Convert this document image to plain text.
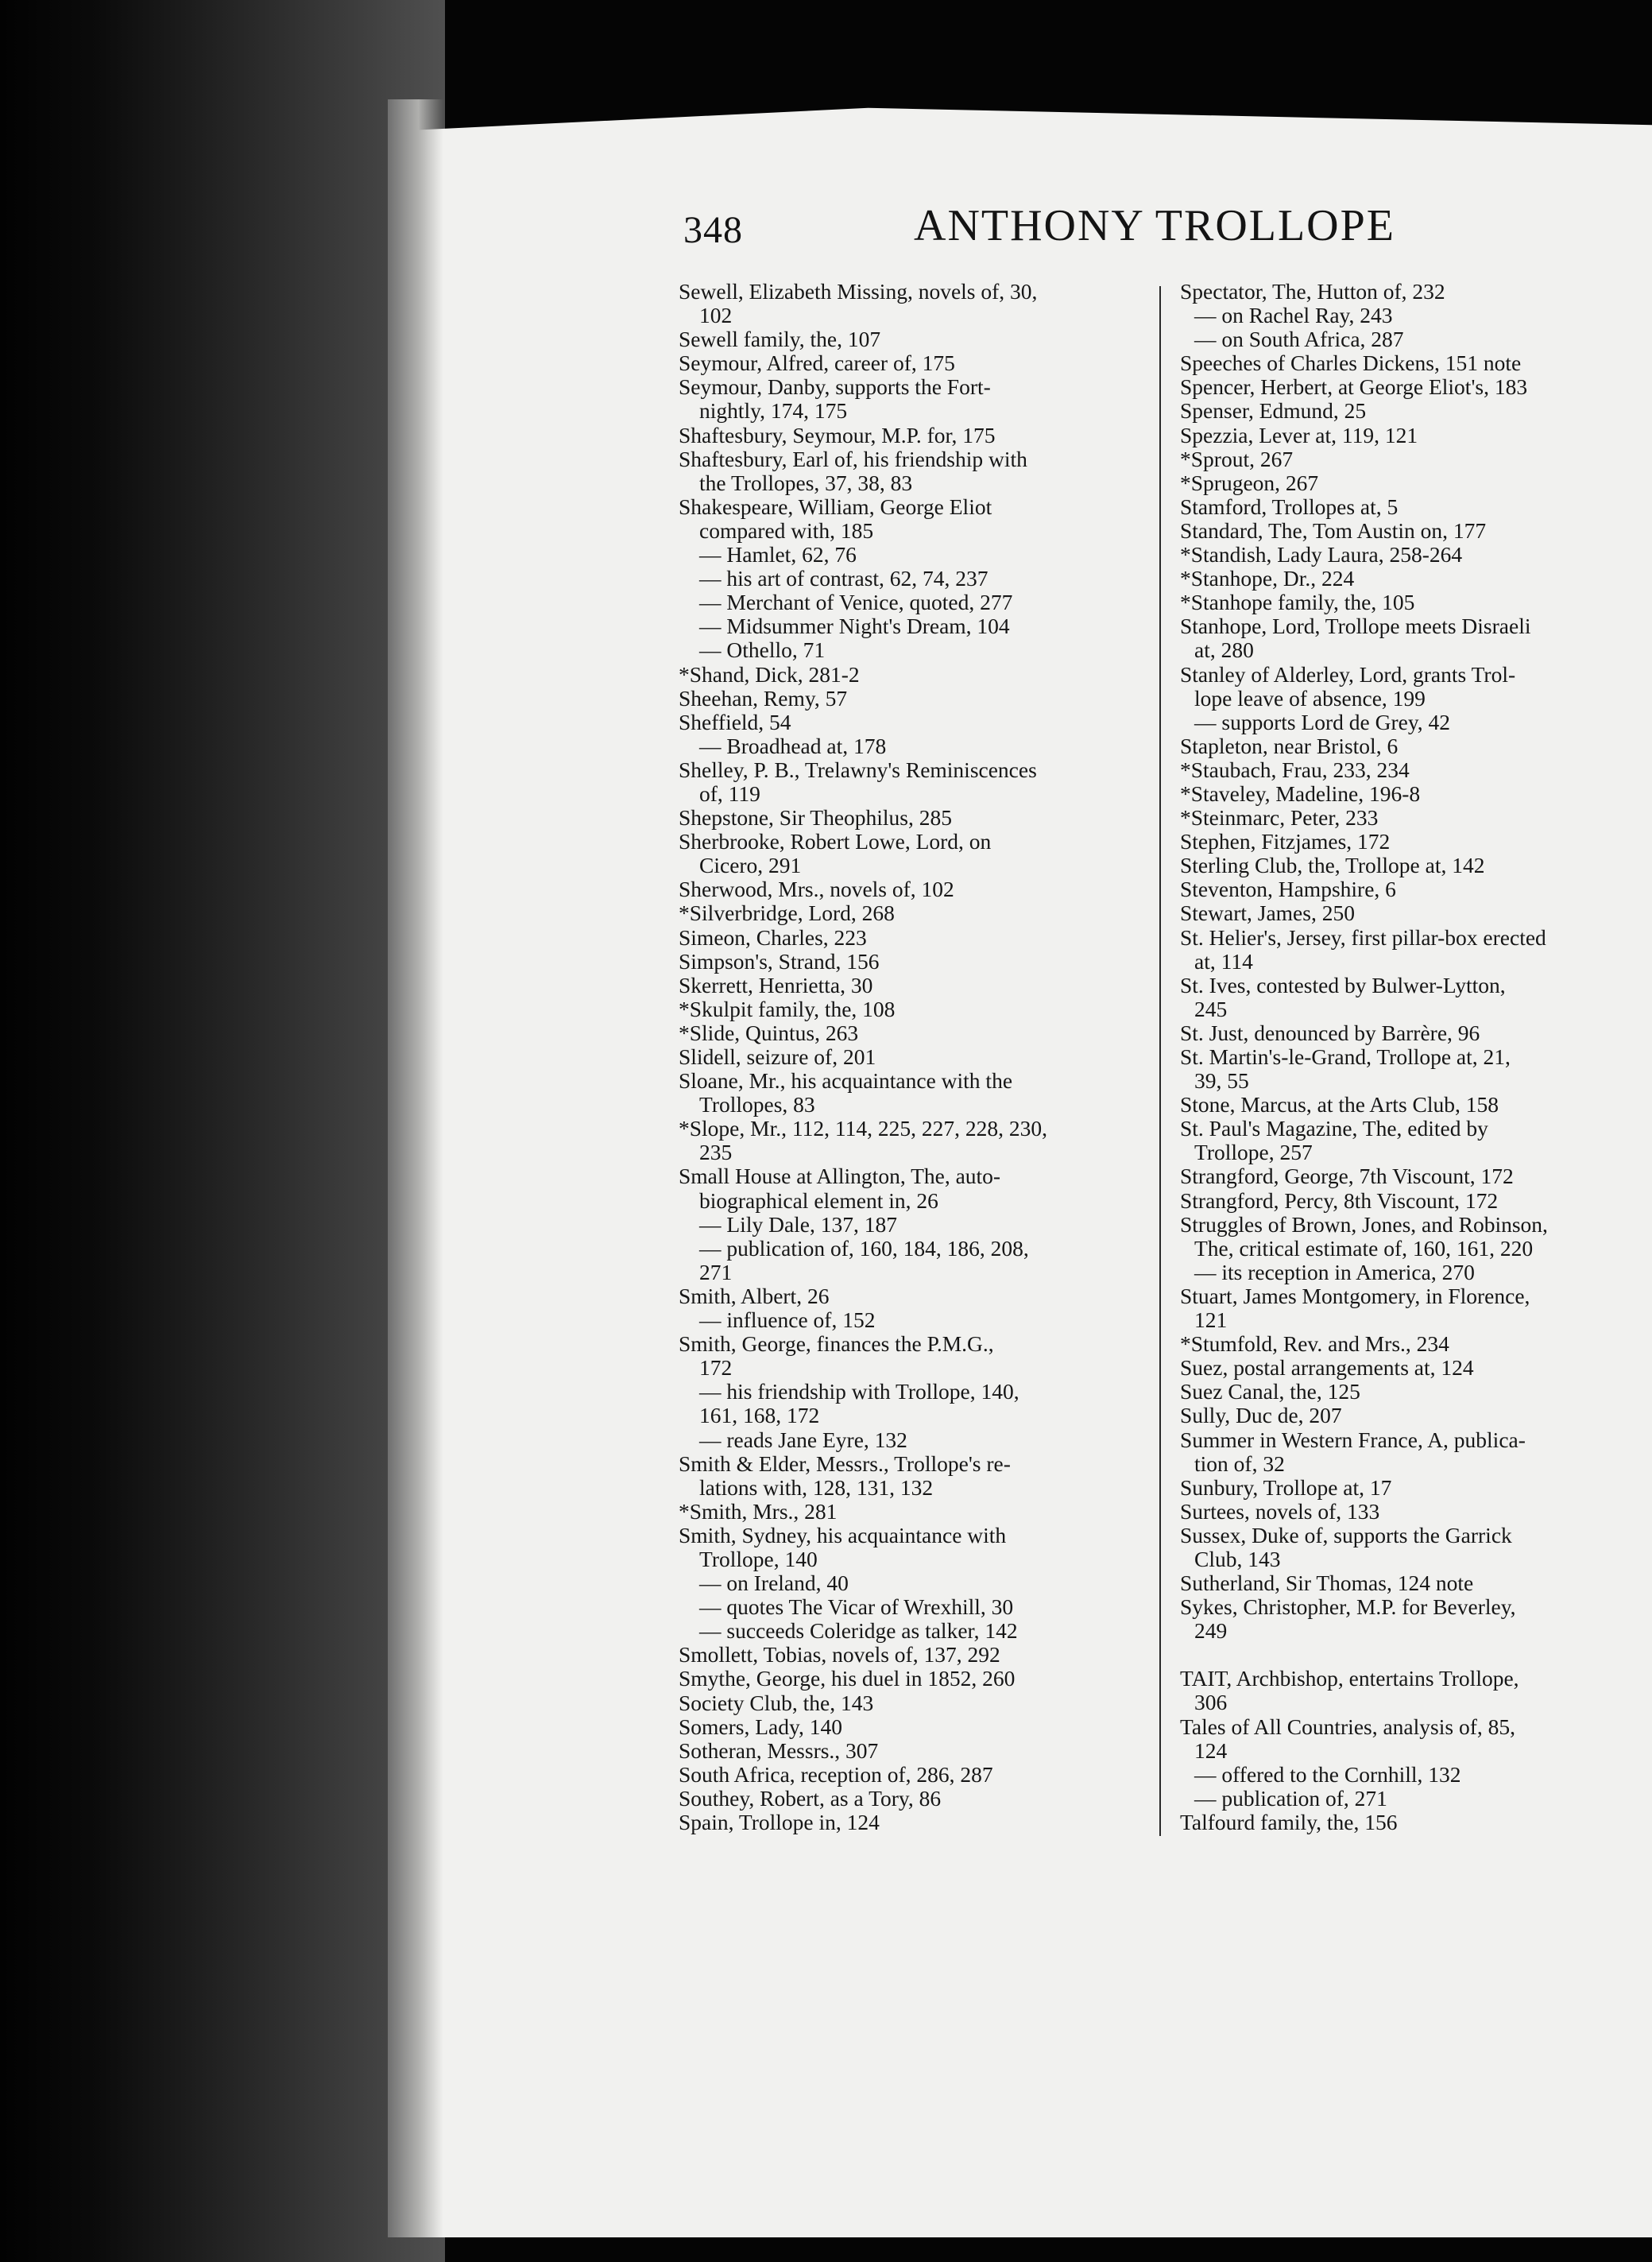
348	ANTHONY TROLLOPE
Sewell, Elizabeth Missing, novels of, 30,
102
Sewell family, the, 107
Seymour, Alfred, career of, 175
Seymour, Danby, supports the Fort-
nightly, 174, 175
Shaftesbury, Seymour, M.P. for, 175
Shaftesbury, Earl of, his friendship with
the Trollopes, 37, 38, 83
Shakespeare, William, George Eliot
compared with, 185
— Hamlet, 62, 76
— his art of contrast, 62, 74, 237
— Merchant of Venice, quoted, 277
— Midsummer Night's Dream, 104
— Othello, 71
*Shand, Dick, 281-2
Sheehan, Remy, 57
Sheffield, 54
— Broadhead at, 178
Shelley, P. B., Trelawny's Reminiscences
of, 119
Shepstone, Sir Theophilus, 285
Sherbrooke, Robert Lowe, Lord, on
Cicero, 291
Sherwood, Mrs., novels of, 102
*Silverbridge, Lord, 268
Simeon, Charles, 223
Simpson's, Strand, 156
Skerrett, Henrietta, 30
*Skulpit family, the, 108
*Slide, Quintus, 263
Slidell, seizure of, 201
Sloane, Mr., his acquaintance with the
Trollopes, 83
*Slope, Mr., 112, 114, 225, 227, 228, 230,
235
Small House at Allington, The, auto-
biographical element in, 26
— Lily Dale, 137, 187
— publication of, 160, 184, 186, 208,
271
Smith, Albert, 26
— influence of, 152
Smith, George, finances the P.M.G.,
172
— his friendship with Trollope, 140,
161, 168, 172
— reads Jane Eyre, 132
Smith & Elder, Messrs., Trollope's re-
lations with, 128, 131, 132
*Smith, Mrs., 281
Smith, Sydney, his acquaintance with
Trollope, 140
— on Ireland, 40
— quotes The Vicar of Wrexhill, 30
— succeeds Coleridge as talker, 142
Smollett, Tobias, novels of, 137, 292
Smythe, George, his duel in 1852, 260
Society Club, the, 143
Somers, Lady, 140
Sotheran, Messrs., 307
South Africa, reception of, 286, 287
Southey, Robert, as a Tory, 86
Spain, Trollope in, 124
Spectator, The, Hutton of, 232
— on Rachel Ray, 243
— on South Africa, 287
Speeches of Charles Dickens, 151 note
Spencer, Herbert, at George Eliot's, 183
Spenser, Edmund, 25
Spezzia, Lever at, 119, 121
*Sprout, 267
*Sprugeon, 267
Stamford, Trollopes at, 5
Standard, The, Tom Austin on, 177
*Standish, Lady Laura, 258-264
*Stanhope, Dr., 224
*Stanhope family, the, 105
Stanhope, Lord, Trollope meets Disraeli
at, 280
Stanley of Alderley, Lord, grants Trol-
lope leave of absence, 199
— supports Lord de Grey, 42
Stapleton, near Bristol, 6
*Staubach, Frau, 233, 234
*Staveley, Madeline, 196-8
*Steinmarc, Peter, 233
Stephen, Fitzjames, 172
Sterling Club, the, Trollope at, 142
Steventon, Hampshire, 6
Stewart, James, 250
St. Helier's, Jersey, first pillar-box erected
at, 114
St. Ives, contested by Bulwer-Lytton,
245
St. Just, denounced by Barrère, 96
St. Martin's-le-Grand, Trollope at, 21,
39, 55
Stone, Marcus, at the Arts Club, 158
St. Paul's Magazine, The, edited by
Trollope, 257
Strangford, George, 7th Viscount, 172
Strangford, Percy, 8th Viscount, 172
Struggles of Brown, Jones, and Robinson,
The, critical estimate of, 160, 161, 220
— its reception in America, 270
Stuart, James Montgomery, in Florence,
121
*Stumfold, Rev. and Mrs., 234
Suez, postal arrangements at, 124
Suez Canal, the, 125
Sully, Duc de, 207
Summer in Western France, A, publica-
tion of, 32
Sunbury, Trollope at, 17
Surtees, novels of, 133
Sussex, Duke of, supports the Garrick
Club, 143
Sutherland, Sir Thomas, 124 note
Sykes, Christopher, M.P. for Beverley,
249
TAIT, Archbishop, entertains Trollope,
306
Tales of All Countries, analysis of, 85,
124
— offered to the Cornhill, 132
— publication of, 271
Talfourd family, the, 156
